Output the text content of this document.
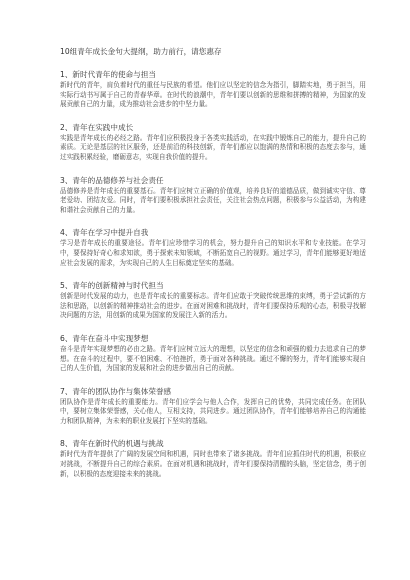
10组青年成长金句大提纲，助力前行，请您惠存
1、新时代青年的使命与担当

新时代的青年，肩负着时代的重任与民族的希望。他们应以坚定的信念为指引，脚踏实地，勇于担当，用实际行动书写属于自己的青春华章。在时代的浪潮中，青年们要以创新的思维和拼搏的精神，为国家的发展贡献自己的力量，成为推动社会进步的中坚力量。

2、青年在实践中成长

实践是青年成长的必经之路。青年们应积极投身于各类实践活动，在实践中锻炼自己的能力，提升自己的素质。无论是基层的社区服务，还是前沿的科技创新，青年们都应以饱满的热情和积极的态度去参与，通过实践积累经验，磨砺意志，实现自我价值的提升。

3、青年的品德修养与社会责任

品德修养是青年成长的重要基石。青年们应树立正确的价值观，培养良好的道德品质，做到诚实守信、尊老爱幼、团结友爱。同时，青年们要积极承担社会责任，关注社会热点问题，积极参与公益活动，为构建和谐社会贡献自己的力量。

4、青年在学习中提升自我

学习是青年成长的重要途径。青年们应珍惜学习的机会，努力提升自己的知识水平和专业技能。在学习中，要保持好奇心和求知欲，勇于探索未知领域，不断拓宽自己的视野。通过学习，青年们能够更好地适应社会发展的需求，为实现自己的人生目标奠定坚实的基础。

5、青年的创新精神与时代担当

创新是时代发展的动力，也是青年成长的重要标志。青年们应敢于突破传统思维的束缚，勇于尝试新的方法和思路，以创新的精神推动社会的进步。在面对困难和挑战时，青年们要保持乐观的心态，积极寻找解决问题的方法，用创新的成果为国家的发展注入新的活力。

6、青年在奋斗中实现梦想

奋斗是青年实现梦想的必由之路。青年们应树立远大的理想，以坚定的信念和顽强的毅力去追求自己的梦想。在奋斗的过程中，要不怕困难、不怕挫折，勇于面对各种挑战。通过不懈的努力，青年们能够实现自己的人生价值，为国家的发展和社会的进步做出自己的贡献。

7、青年的团队协作与集体荣誉感

团队协作是青年成长的重要能力。青年们应学会与他人合作，发挥自己的优势，共同完成任务。在团队中，要树立集体荣誉感，关心他人，互相支持，共同进步。通过团队协作，青年们能够培养自己的沟通能力和团队精神，为未来的职业发展打下坚实的基础。

8、青年在新时代的机遇与挑战

新时代为青年提供了广阔的发展空间和机遇，同时也带来了诸多挑战。青年们应抓住时代的机遇，积极应对挑战，不断提升自己的综合素质。在面对机遇和挑战时，青年们要保持清醒的头脑，坚定信念，勇于创新，以积极的态度迎接未来的挑战。
